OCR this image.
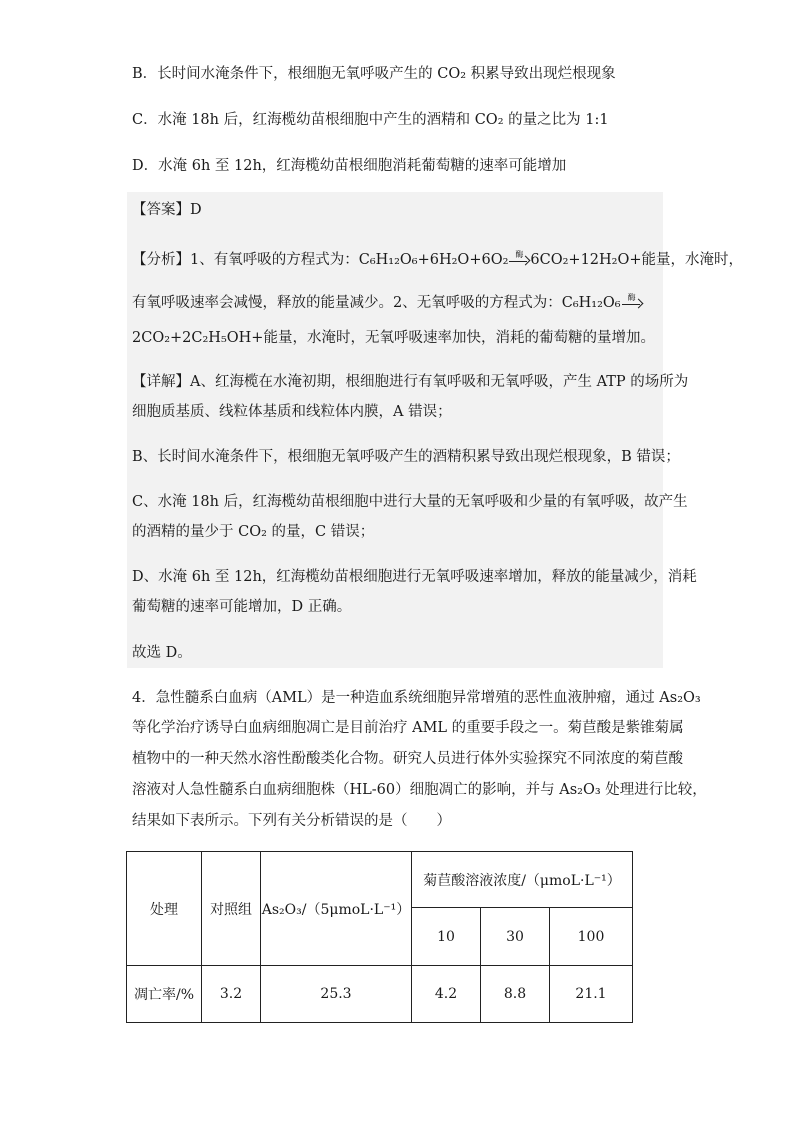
B．长时间水淹条件下，根细胞无氧呼吸产生的 CO₂ 积累导致出现烂根现象
C．水淹 18h 后，红海榄幼苗根细胞中产生的酒精和 CO₂ 的量之比为 1:1
D．水淹 6h 至 12h，红海榄幼苗根细胞消耗葡萄糖的速率可能增加
【答案】D
【分析】1、有氧呼吸的方程式为：C₆H₁₂O₆+6H₂O+6O₂ 酶 6CO₂+12H₂O+能量，水淹时，
有氧呼吸速率会减慢，释放的能量减少。2、无氧呼吸的方程式为：C₆H₁₂O₆ 酶
2CO₂+2C₂H₅OH+能量，水淹时，无氧呼吸速率加快，消耗的葡萄糖的量增加。
【详解】A、红海榄在水淹初期，根细胞进行有氧呼吸和无氧呼吸，产生 ATP 的场所为
细胞质基质、线粒体基质和线粒体内膜，A 错误；
B、长时间水淹条件下，根细胞无氧呼吸产生的酒精积累导致出现烂根现象，B 错误；
C、水淹 18h 后，红海榄幼苗根细胞中进行大量的无氧呼吸和少量的有氧呼吸，故产生
的酒精的量少于 CO₂ 的量，C 错误；
D、水淹 6h 至 12h，红海榄幼苗根细胞进行无氧呼吸速率增加，释放的能量减少，消耗
葡萄糖的速率可能增加，D 正确。
故选 D。
4．急性髓系白血病（AML）是一种造血系统细胞异常增殖的恶性血液肿瘤，通过 As₂O₃
等化学治疗诱导白血病细胞凋亡是目前治疗 AML 的重要手段之一。菊苣酸是紫锥菊属
植物中的一种天然水溶性酚酸类化合物。研究人员进行体外实验探究不同浓度的菊苣酸
溶液对人急性髓系白血病细胞株（HL-60）细胞凋亡的影响，并与 As₂O₃ 处理进行比较，
结果如下表所示。下列有关分析错误的是（　　）
处理	对照组	As₂O₃/（5μmoL·L⁻¹）	菊苣酸溶液浓度/（μmoL·L⁻¹）		
			10	30	100
凋亡率/%	3.2	25.3	4.2	8.8	21.1
